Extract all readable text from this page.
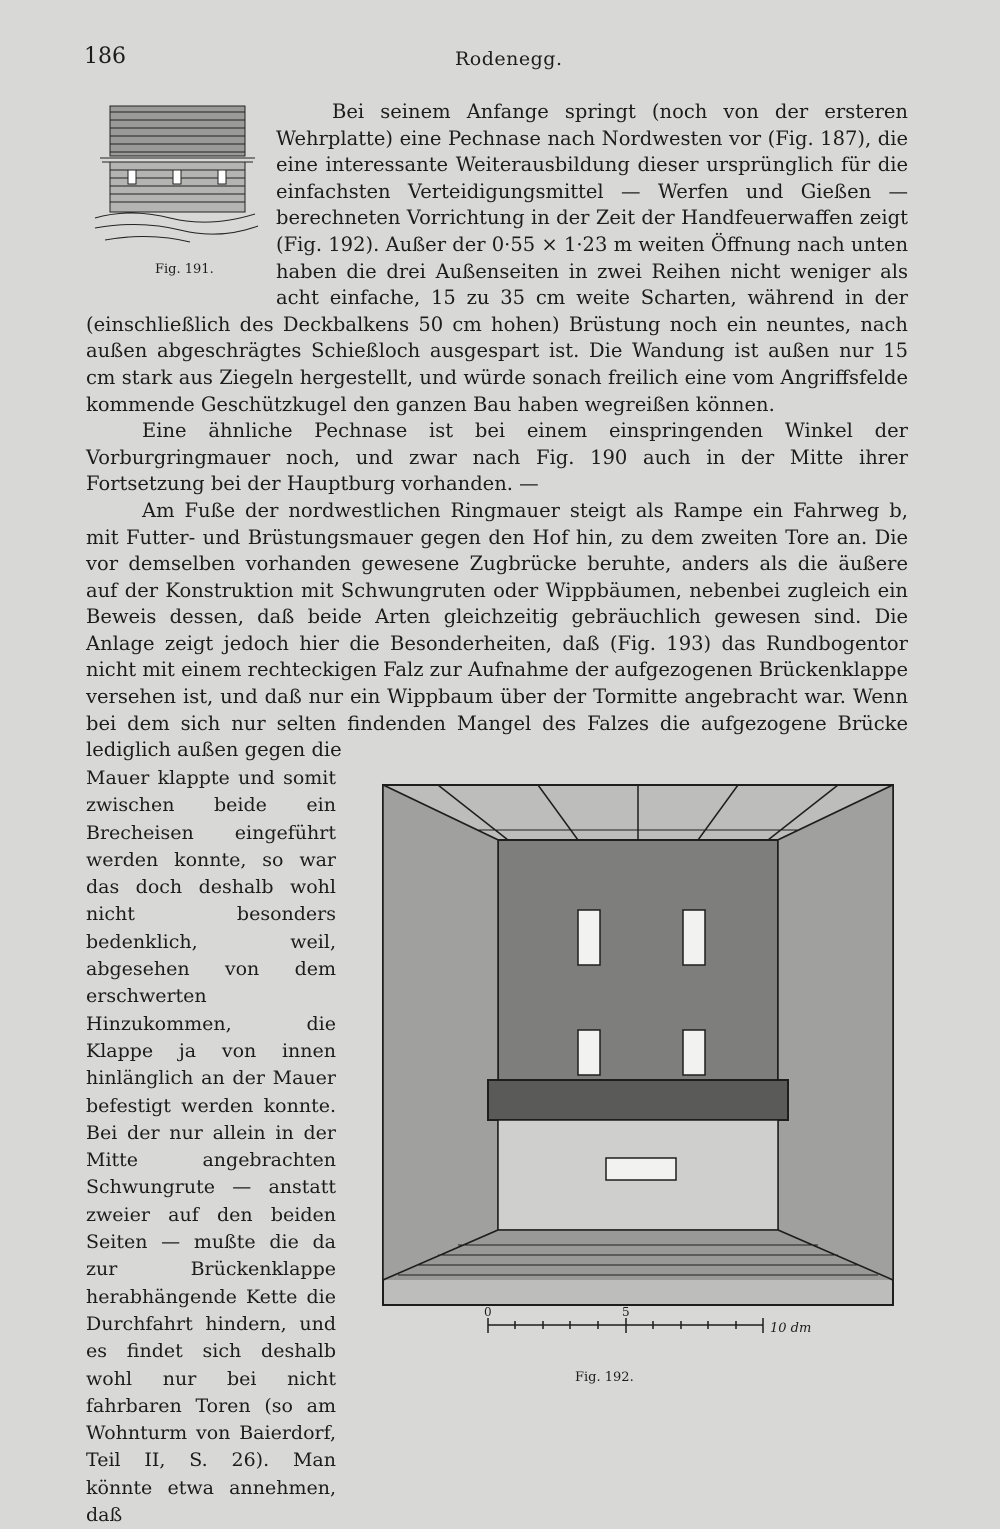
186	Rodenegg.
Fig. 191.

Bei seinem Anfange springt (noch von der ersteren Wehrplatte) eine Pechnase nach Nordwesten vor (Fig. 187), die eine interessante Weiterausbildung dieser ursprünglich für die einfachsten Verteidigungsmittel — Werfen und Gießen — berechneten Vorrichtung in der Zeit der Handfeuerwaffen zeigt (Fig. 192). Außer der 0·55 × 1·23 m weiten Öffnung nach unten haben die drei Außenseiten in zwei Reihen nicht weniger als acht einfache, 15 zu 35 cm weite Scharten, während in der (einschließlich des Deckbalkens 50 cm hohen) Brüstung noch ein neuntes, nach außen abgeschrägtes Schießloch ausgespart ist. Die Wandung ist außen nur 15 cm stark aus Ziegeln hergestellt, und würde sonach freilich eine vom Angriffsfelde kommende Geschützkugel den ganzen Bau haben wegreißen können.

Eine ähnliche Pechnase ist bei einem einspringenden Winkel der Vorburgringmauer noch, und zwar nach Fig. 190 auch in der Mitte ihrer Fortsetzung bei der Hauptburg vorhanden. —

Am Fuße der nordwestlichen Ringmauer steigt als Rampe ein Fahrweg b, mit Futter- und Brüstungsmauer gegen den Hof hin, zu dem zweiten Tore an. Die vor demselben vorhanden gewesene Zugbrücke beruhte, anders als die äußere auf der Konstruktion mit Schwungruten oder Wippbäumen, nebenbei zugleich ein Beweis dessen, daß beide Arten gleichzeitig gebräuchlich gewesen sind. Die Anlage zeigt jedoch hier die Besonderheiten, daß (Fig. 193) das Rundbogentor nicht mit einem rechteckigen Falz zur Aufnahme der aufgezogenen Brückenklappe versehen ist, und daß nur ein Wippbaum über der Tormitte angebracht war. Wenn bei dem sich nur selten findenden Mangel des Falzes die aufgezogene Brücke lediglich außen gegen die

Mauer klappte und somit zwischen beide ein Brecheisen eingeführt werden konnte, so war das doch deshalb wohl nicht besonders bedenklich, weil, abgesehen von dem erschwerten Hinzukommen, die Klappe ja von innen hinlänglich an der Mauer befestigt werden konnte. Bei der nur allein in der Mitte angebrachten Schwungrute — anstatt zweier auf den beiden Seiten — mußte die da zur Brückenklappe herabhängende Kette die Durchfahrt hindern, und es findet sich deshalb wohl nur bei nicht fahrbaren Toren (so am Wohnturm von Baierdorf, Teil II, S. 26). Man könnte etwa annehmen, daß
0	5
10 dm
Fig. 192.
